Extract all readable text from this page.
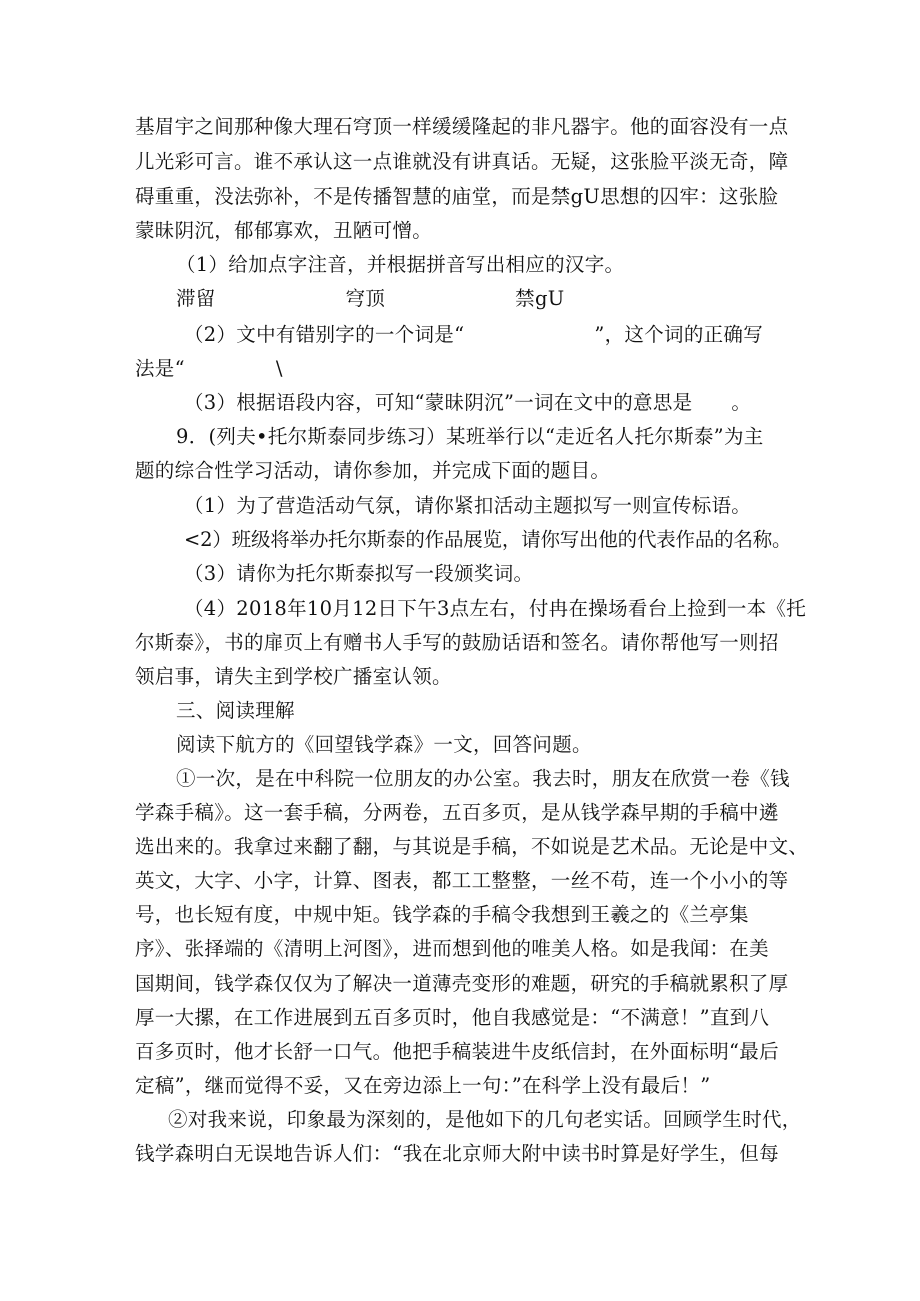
基眉宇之间那种像大理石穹顶一样缓缓隆起的非凡器宇。他的面容没有一点
儿光彩可言。谁不承认这一点谁就没有讲真话。无疑，这张脸平淡无奇，障
碍重重，没法弥补，不是传播智慧的庙堂，而是禁gU思想的囚牢：这张脸
蒙昧阴沉，郁郁寡欢，丑陋可憎。
（1）给加点字注音，并根据拼音写出相应的汉字。
滞留                    穹顶                    禁gU
（2）文中有错别字的一个词是“                    ”，这个词的正确写
法是“              \
（3）根据语段内容，可知“蒙昧阴沉”一词在文中的意思是      。
9．(列夫•托尔斯泰同步练习）某班举行以“走近名人托尔斯泰”为主
题的综合性学习活动，请你参加，并完成下面的题目。
（1）为了营造活动气氛，请你紧扣活动主题拟写一则宣传标语。
<2）班级将举办托尔斯泰的作品展览，请你写出他的代表作品的名称。
（3）请你为托尔斯泰拟写一段颁奖词。
（4）2018年10月12日下午3点左右，付冉在操场看台上捡到一本《托
尔斯泰》，书的扉页上有赠书人手写的鼓励话语和签名。请你帮他写一则招
领启事，请失主到学校广播室认领。
三、阅读理解
阅读下航方的《回望钱学森》一文，回答问题。
①一次，是在中科院一位朋友的办公室。我去时，朋友在欣赏一卷《钱
学森手稿》。这一套手稿，分两卷，五百多页，是从钱学森早期的手稿中遴
选出来的。我拿过来翻了翻，与其说是手稿，不如说是艺术品。无论是中文、
英文，大字、小字，计算、图表，都工工整整，一丝不苟，连一个小小的等
号，也长短有度，中规中矩。钱学森的手稿令我想到王羲之的《兰亭集
序》、张择端的《清明上河图》，进而想到他的唯美人格。如是我闻：在美
国期间，钱学森仅仅为了解决一道薄壳变形的难题，研究的手稿就累积了厚
厚一大摞，在工作进展到五百多页时，他自我感觉是：“不满意！”直到八
百多页时，他才长舒一口气。他把手稿装进牛皮纸信封，在外面标明“最后
定稿”，继而觉得不妥，又在旁边添上一句：”在科学上没有最后！”
②对我来说，印象最为深刻的，是他如下的几句老实话。回顾学生时代，
钱学森明白无误地告诉人们：“我在北京师大附中读书时算是好学生，但每
